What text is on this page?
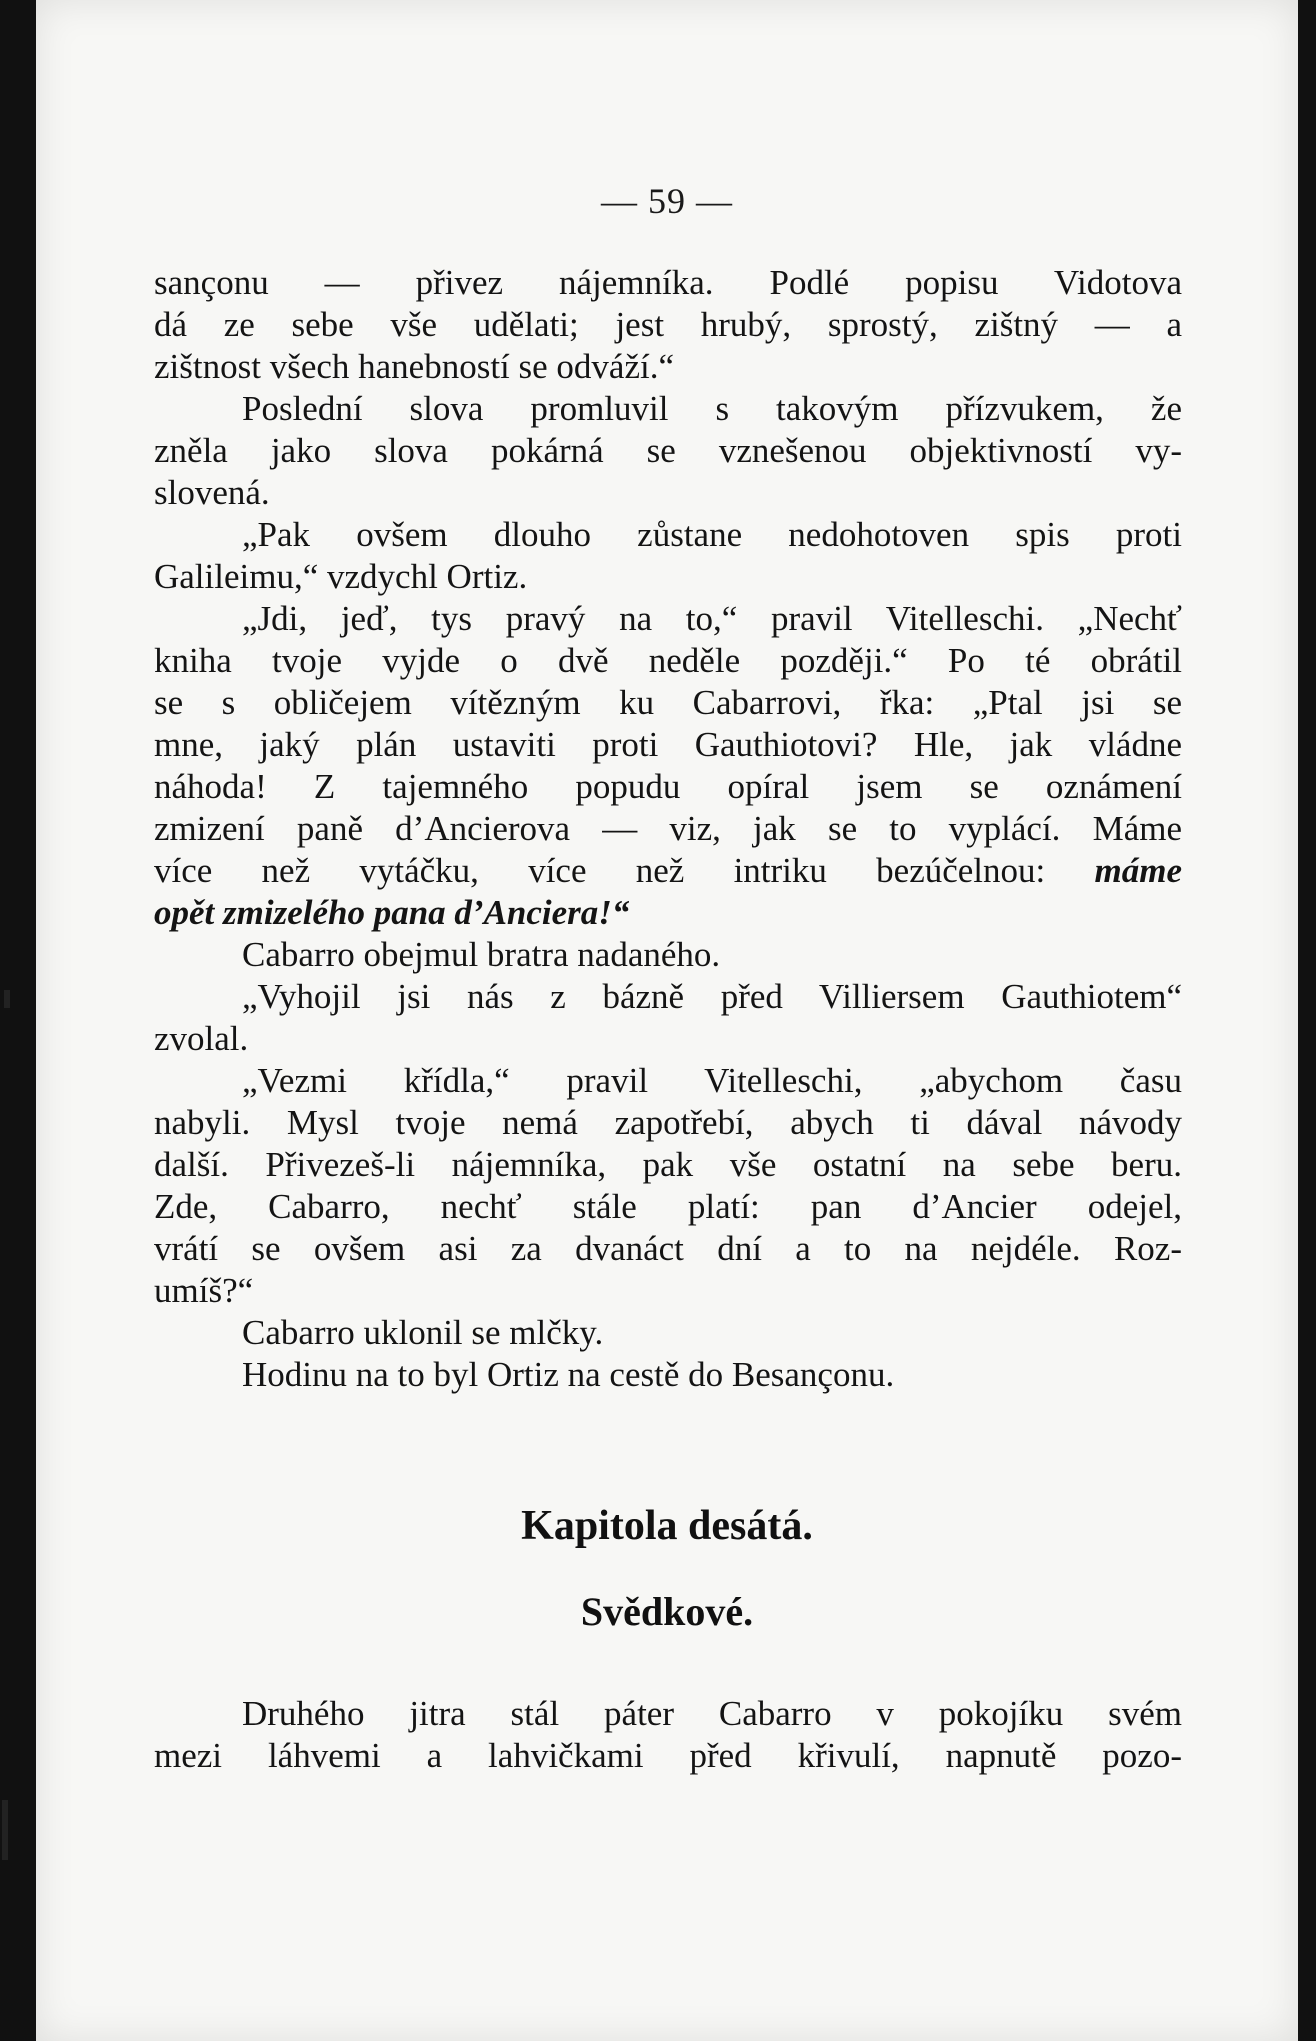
— 59 —
sançonu — přivez nájemníka. Podlé popisu Vidotova
dá ze sebe vše udělati; jest hrubý, sprostý, zištný — a
zištnost všech hanebností se odváží.“
Poslední slova promluvil s takovým přízvukem, že
zněla jako slova pokárná se vznešenou objektivností vy-
slovená.
„Pak ovšem dlouho zůstane nedohotoven spis proti
Galileimu,“ vzdychl Ortiz.
„Jdi, jeď, tys pravý na to,“ pravil Vitelleschi. „Nechť
kniha tvoje vyjde o dvě neděle později.“ Po té obrátil
se s obličejem vítězným ku Cabarrovi, řka: „Ptal jsi se
mne, jaký plán ustaviti proti Gauthiotovi? Hle, jak vládne
náhoda! Z tajemného popudu opíral jsem se oznámení
zmizení paně d’Ancierova — viz, jak se to vyplácí. Máme
více než vytáčku, více než intriku bezúčelnou: máme
opět zmizelého pana d’Anciera!“
Cabarro obejmul bratra nadaného.
„Vyhojil jsi nás z bázně před Villiersem Gauthiotem“
zvolal.
„Vezmi křídla,“ pravil Vitelleschi, „abychom času
nabyli. Mysl tvoje nemá zapotřebí, abych ti dával návody
další. Přivezeš-li nájemníka, pak vše ostatní na sebe beru.
Zde, Cabarro, nechť stále platí: pan d’Ancier odejel,
vrátí se ovšem asi za dvanáct dní a to na nejdéle. Roz-
umíš?“
Cabarro uklonil se mlčky.
Hodinu na to byl Ortiz na cestě do Besançonu.
Kapitola desátá.
Svědkové.
Druhého jitra stál páter Cabarro v pokojíku svém
mezi láhvemi a lahvičkami před křivulí, napnutě pozo-
